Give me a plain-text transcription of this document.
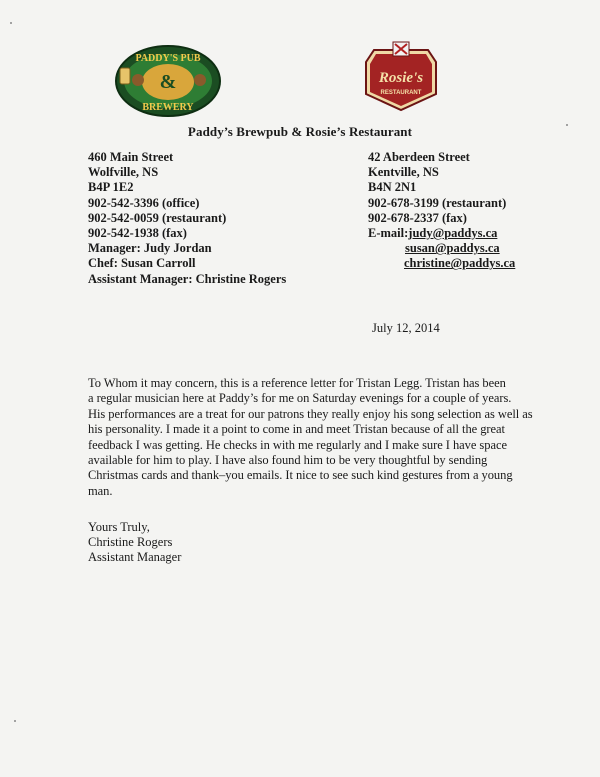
&
PADDY'S PUB
BREWERY
Rosie's
RESTAURANT
Paddy’s Brewpub & Rosie’s Restaurant
460 Main Street
Wolfville, NS
B4P 1E2
902-542-3396 (office)
902-542-0059 (restaurant)
902-542-1938 (fax)
Manager: Judy Jordan
Chef: Susan Carroll
Assistant Manager: Christine Rogers
42 Aberdeen Street
Kentville, NS
B4N 2N1
902-678-3199 (restaurant)
902-678-2337 (fax)
E-mail:judy@paddys.ca
susan@paddys.ca
christine@paddys.ca
July 12, 2014
To Whom it may concern, this is a reference letter for Tristan Legg. Tristan has been
a regular musician here at Paddy’s for me on Saturday evenings for a couple of years.
His performances are a treat for our patrons they really enjoy his song selection as well as
his personality. I made it a point to come in and meet Tristan because of all the great
feedback I was getting. He checks in with me regularly and I make sure I have space
available for him to play. I have also found him to be very thoughtful by sending
Christmas cards and thank–you emails. It nice to see such kind gestures from a young
man.
Yours Truly,
Christine Rogers
Assistant Manager
